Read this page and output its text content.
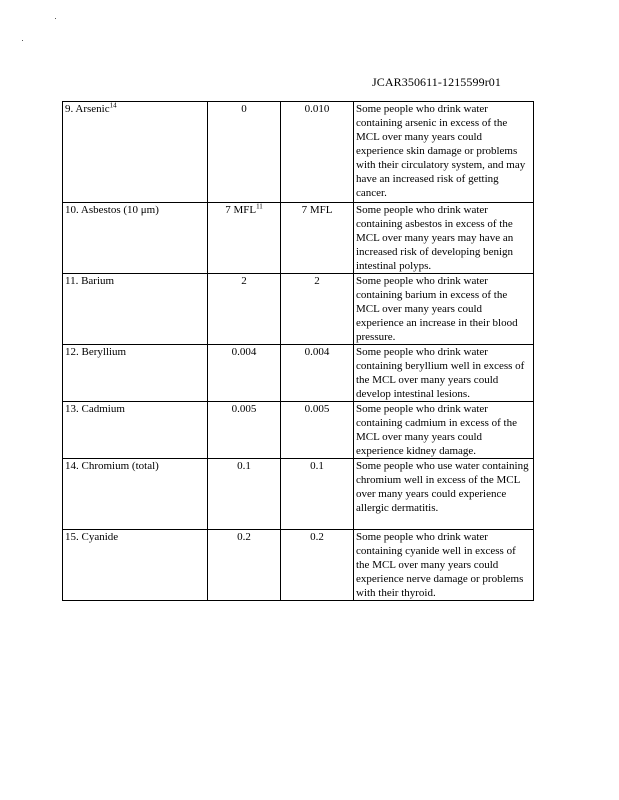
JCAR350611-1215599r01
9. Arsenic$^{14}$	0	0.010	Some people who drink water containing arsenic in excess of the MCL over many years could experience skin damage or problems with their circulatory system, and may have an increased risk of getting cancer.
10. Asbestos (10 μm)	7 MFL$^{11}$	7 MFL	Some people who drink water containing asbestos in excess of the MCL over many years may have an increased risk of developing benign intestinal polyps.
11. Barium	2	2	Some people who drink water containing barium in excess of the MCL over many years could experience an increase in their blood pressure.
12. Beryllium	0.004	0.004	Some people who drink water containing beryllium well in excess of the MCL over many years could develop intestinal lesions.
13. Cadmium	0.005	0.005	Some people who drink water containing cadmium in excess of the MCL over many years could experience kidney damage.
14. Chromium (total)	0.1	0.1	Some people who use water containing chromium well in excess of the MCL over many years could experience allergic dermatitis.
15. Cyanide	0.2	0.2	Some people who drink water containing cyanide well in excess of the MCL over many years could experience nerve damage or problems with their thyroid.
